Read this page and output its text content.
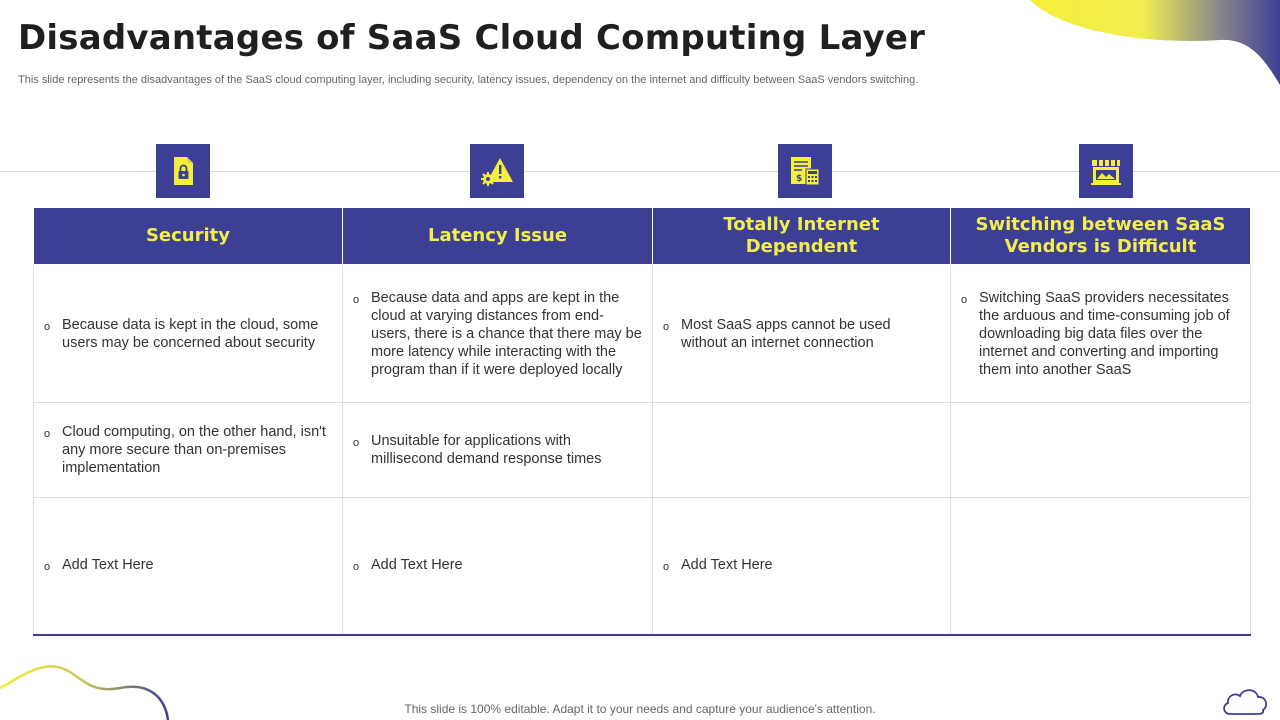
Disadvantages of SaaS Cloud Computing Layer
This slide represents the disadvantages of the SaaS cloud computing layer, including security, latency issues, dependency on the internet and difficulty between SaaS vendors switching.
$
Security	Latency Issue	Totally Internet Dependent	Switching between SaaS Vendors is Difficult

o Because data is kept in the cloud, some users may be concerned about security	o Because data and apps are kept in the cloud at varying distances from end-users, there is a chance that there may be more latency while interacting with the program than if it were deployed locally	o Most SaaS apps cannot be used without an internet connection	o Switching SaaS providers necessitates the arduous and time-consuming job of downloading big data files over the internet and converting and importing them into another SaaS

o Cloud computing, on the other hand, isn't any more secure than on-premises implementation	o Unsuitable for applications with millisecond demand response times		

o Add Text Here	o Add Text Here	o Add Text Here	

This slide is 100% editable. Adapt it to your needs and capture your audience's attention.
